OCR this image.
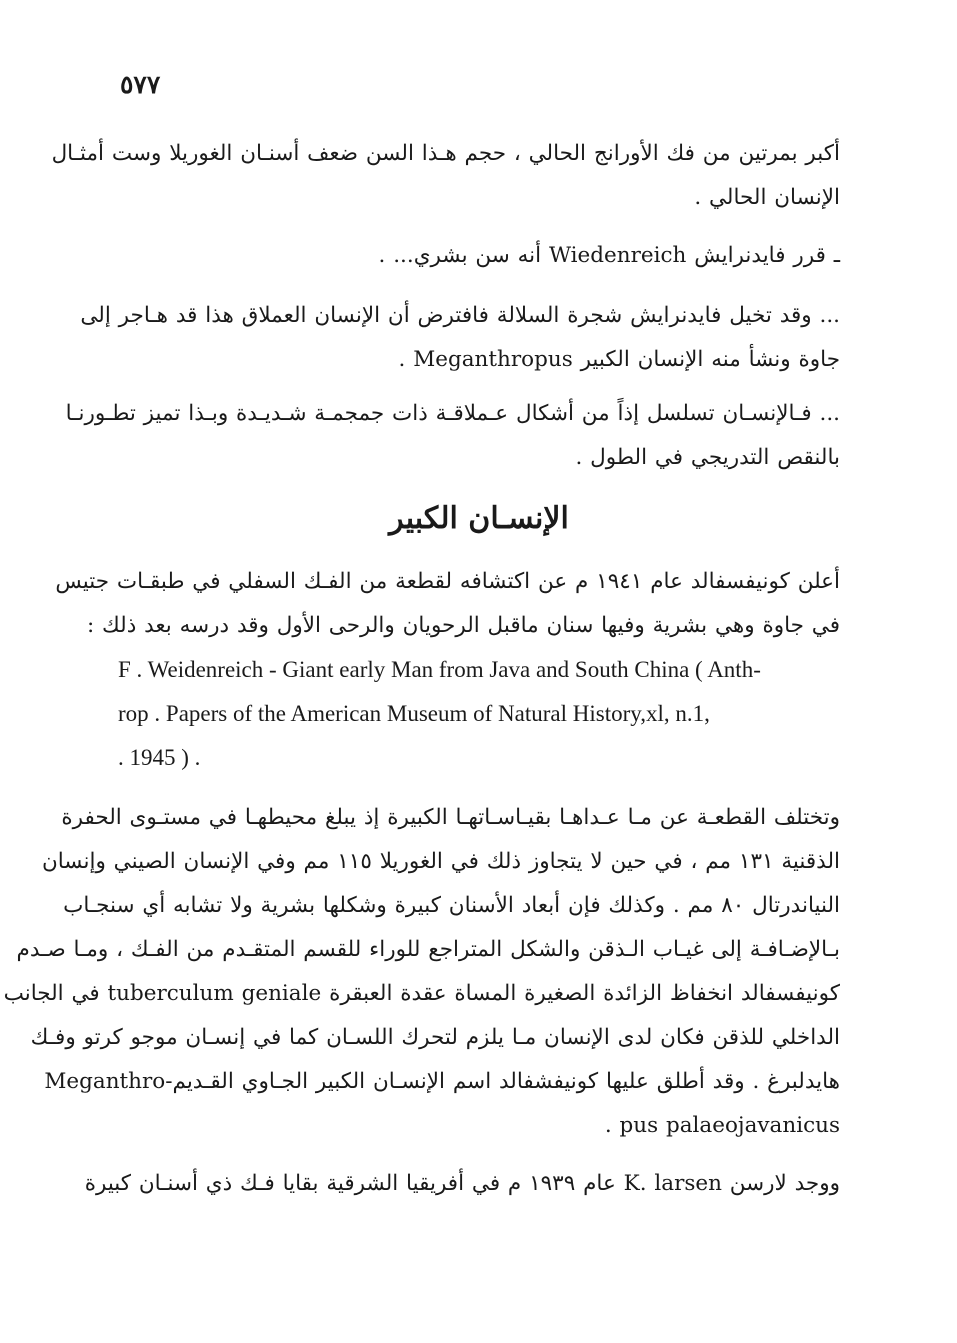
٥٧٧
أكبر بمرتين من فك الأورانج الحالي ، حجم هـذا السن ضعف أسنـان الغوريلا وست أمثـال
الإنسان الحالي .
ـ قرر فايدنرايش Wiedenreich أنه سن بشري... .
... وقد تخيل فايدنرايش شجرة السلالة فافترض أن الإنسان العملاق هذا قد هـاجر إلى
جاوة ونشأ منه الإنسان الكبير Meganthropus .
... فـالإنسـان تسلسل إذاً من أشكال عـملاقـة ذات جمجمـة شـديـدة وبـذا تميز تطـورنـا
بالنقص التدريجي في الطول .
الإنسـان الكبير
أعلن كونيفسفالد عام ١٩٤١ م عن اكتشافه لقطعة من الفـك السفلي في طبقـات جتيس
في جاوة وهي بشرية وفيها سنان ماقبل الرحويان والرحى الأول وقد درسه بعد ذلك :
F . Weidenreich - Giant early Man from Java and South China ( Anth-
rop . Papers of the American Museum of Natural History,xl, n.1,
. 1945 ) .
وتختلف القطعـة عن مـا عـداهـا بقيـاسـاتهـا الكبيرة إذ يبلغ محيطهـا في مستـوى الحفرة
الذقنية ١٣١ مم ، في حين لا يتجاوز ذلك في الغوريلا ١١٥ مم وفي الإنسان الصيني وإنسان
النياندرتال ٨٠ مم . وكذلك فإن أبعاد الأسنان كبيرة وشكلها بشرية ولا تشابه أي سنجـاب
بـالإضـافـة إلى غيـاب الـذقن والشكل المتراجع للوراء للقسم المتقـدم من الفـك ، ومـا صـدم
كونيفسفالد انخفاظ الزائدة الصغيرة المساة عقدة العبقرة tuberculum geniale في الجانب
الداخلي للذقن فكان لدى الإنسان مـا يلزم لتحرك اللسـان كما في إنسـان موجو كرتو وفـك
هايدلبرغ . وقد أطلق عليها كونيفشفالد اسم الإنسـان الكبير الجـاوي القـديم-Meganthro
pus palaeojavanicus .
ووجد لارسن K. larsen عام ١٩٣٩ م في أفريقيا الشرقية بقايا فـك ذي أسنـان كبيرة
